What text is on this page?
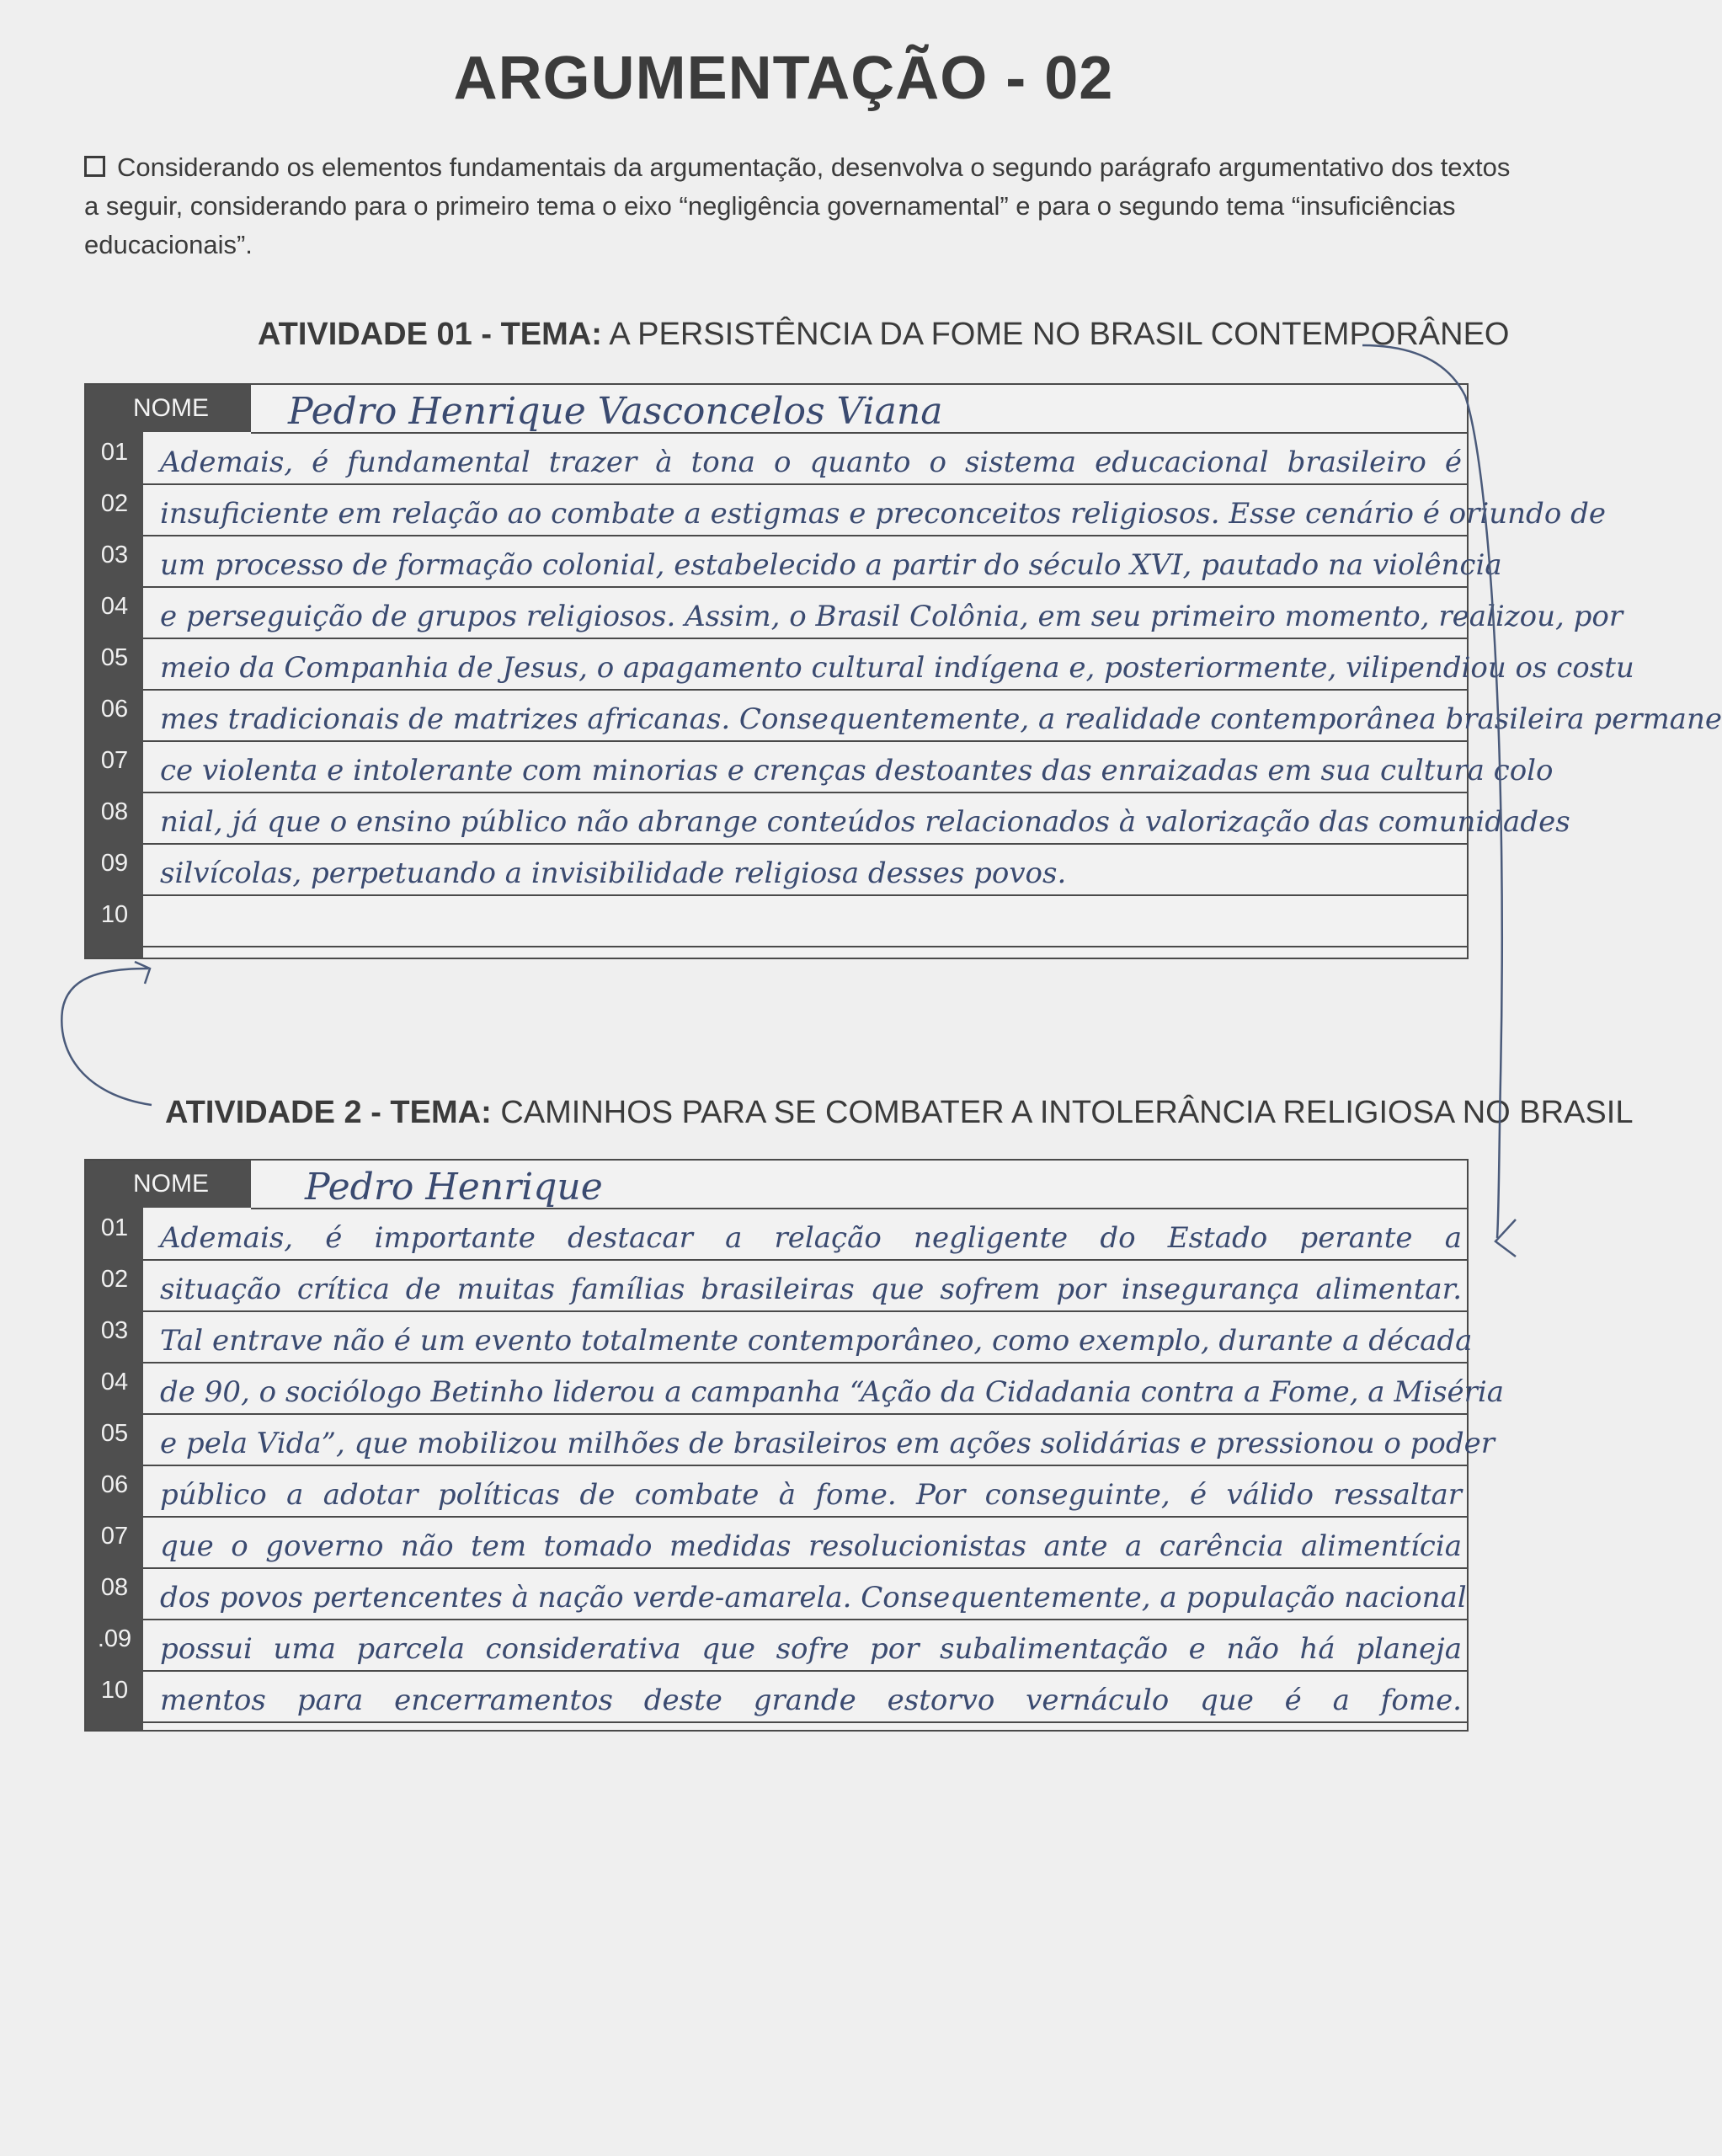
ARGUMENTAÇÃO - 02
Considerando os elementos fundamentais da argumentação, desenvolva o segundo parágrafo argumentativo dos textos a seguir, considerando para o primeiro tema o eixo “negligência governamental” e para o segundo tema “insuficiências educacionais”.
ATIVIDADE 01 - TEMA: A PERSISTÊNCIA DA FOME NO BRASIL CONTEMPORÂNEO
NOME	Pedro Henrique Vasconcelos Viana
01	Ademais, é fundamental trazer à tona o quanto o sistema educacional brasileiro é
02	insuficiente em relação ao combate a estigmas e preconceitos religiosos. Esse cenário é oriundo de
03	um processo de formação colonial, estabelecido a partir do século XVI, pautado na violência
04	e perseguição de grupos religiosos. Assim, o Brasil Colônia, em seu primeiro momento, realizou, por
05	meio da Companhia de Jesus, o apagamento cultural indígena e, posteriormente, vilipendiou os costu
06	mes tradicionais de matrizes africanas. Consequentemente, a realidade contemporânea brasileira permane
07	ce violenta e intolerante com minorias e crenças destoantes das enraizadas em sua cultura colo
08	nial, já que o ensino público não abrange conteúdos relacionados à valorização das comunidades
09	silvícolas, perpetuando a invisibilidade religiosa desses povos.
10
ATIVIDADE 2 - TEMA: CAMINHOS PARA SE COMBATER A INTOLERÂNCIA RELIGIOSA NO BRASIL
NOME	Pedro Henrique
01	Ademais, é importante destacar a relação negligente do Estado perante a
02	situação crítica de muitas famílias brasileiras que sofrem por insegurança alimentar.
03	Tal entrave não é um evento totalmente contemporâneo, como exemplo, durante a década
04	de 90, o sociólogo Betinho liderou a campanha “Ação da Cidadania contra a Fome, a Miséria
05	e pela Vida”, que mobilizou milhões de brasileiros em ações solidárias e pressionou o poder
06	público a adotar políticas de combate à fome. Por conseguinte, é válido ressaltar
07	que o governo não tem tomado medidas resolucionistas ante a carência alimentícia
08	dos povos pertencentes à nação verde-amarela. Consequentemente, a população nacional
.09 possui uma parcela considerativa que sofre por subalimentação e não há planeja
10	mentos para encerramentos deste grande estorvo vernáculo que é a fome.
